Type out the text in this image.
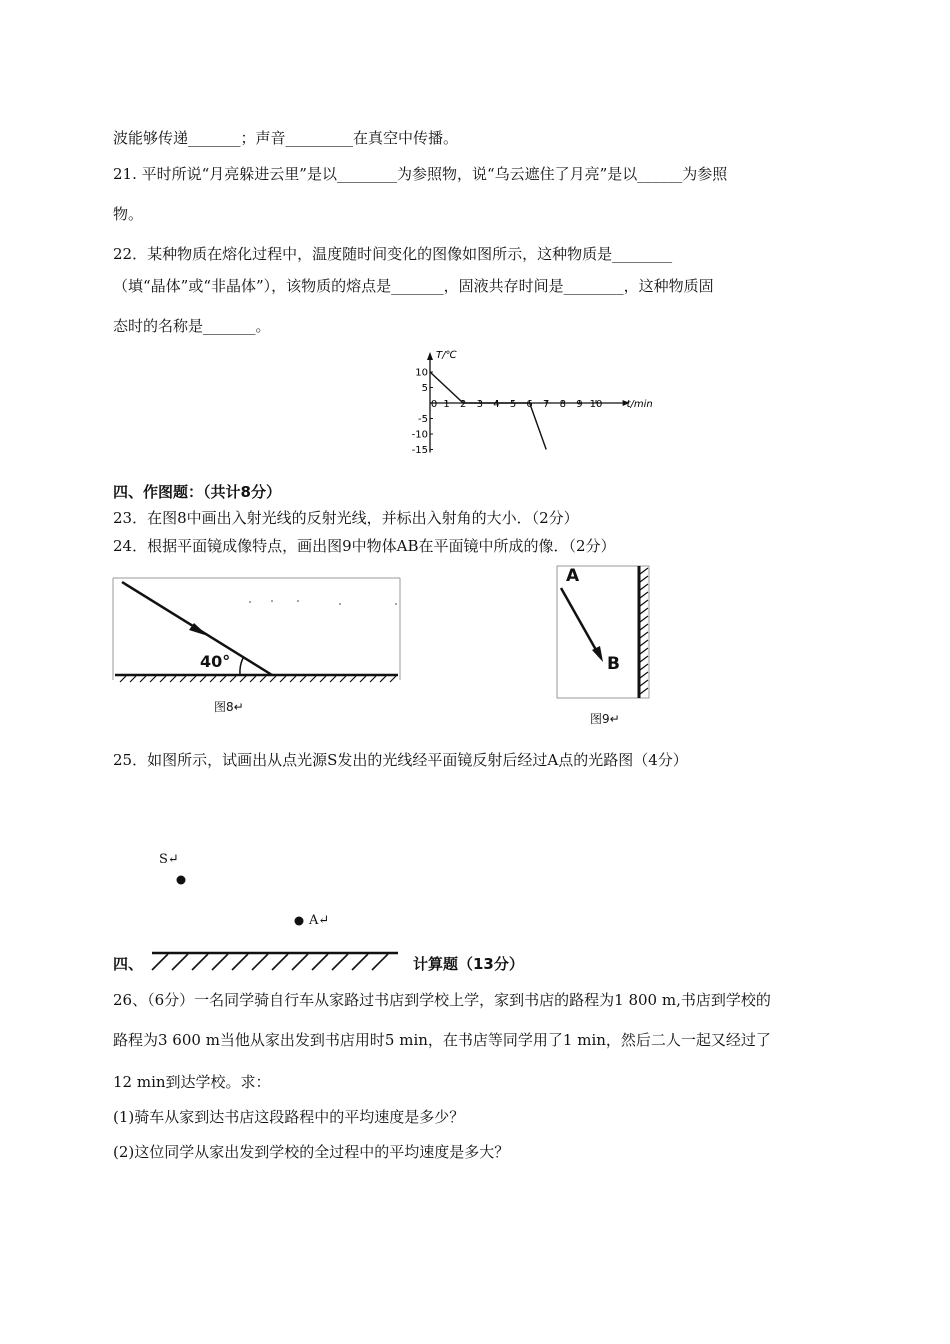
波能够传递_______；声音_________在真空中传播。
21. 平时所说“月亮躲进云里”是以________为参照物，说“乌云遮住了月亮”是以______为参照
物。
22．某种物质在熔化过程中，温度随时间变化的图像如图所示，这种物质是________
（填“晶体”或“非晶体”），该物质的熔点是_______，固液共存时间是________，这种物质固
态时的名称是_______。
T/℃
t/min
0 1 2 3 4 5 6 7 8 9 10
10
5
-5
-10
-15
四、作图题：（共计8分）
23．在图8中画出入射光线的反射光线，并标出入射角的大小．（2分）
24．根据平面镜成像特点，画出图9中物体AB在平面镜中所成的像．（2分）
40°
图8↵
A
B
图9↵
25．如图所示，试画出从点光源S发出的光线经平面镜反射后经过A点的光路图（4分）
S↵
A↵
四、	计算题（13分）
26、（6分）一名同学骑自行车从家路过书店到学校上学，家到书店的路程为1 800 m,书店到学校的
路程为3 600 m当他从家出发到书店用时5 min，在书店等同学用了1 min，然后二人一起又经过了
12 min到达学校。求：
(1)骑车从家到达书店这段路程中的平均速度是多少？
(2)这位同学从家出发到学校的全过程中的平均速度是多大？
